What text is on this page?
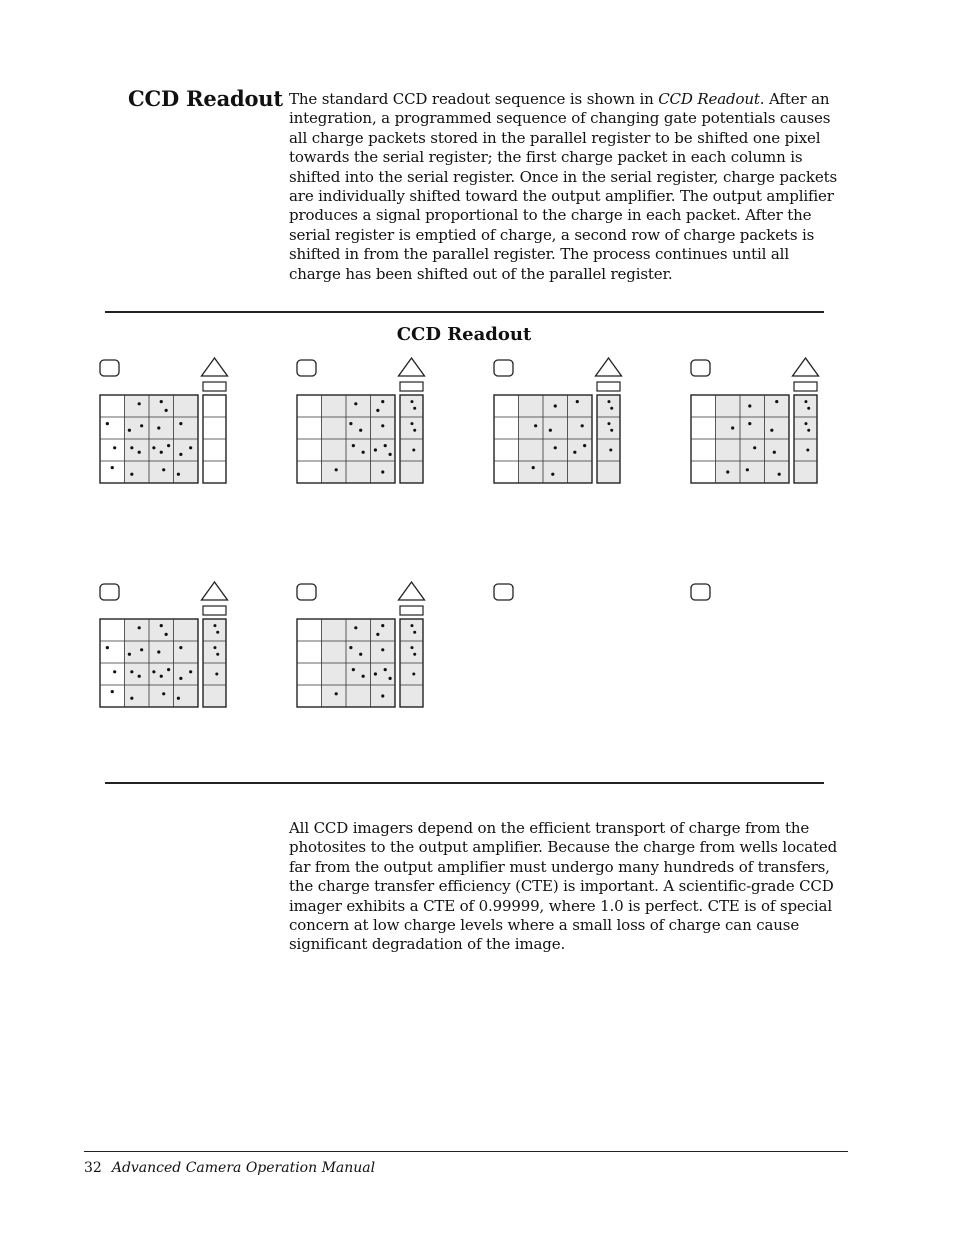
CCD Readout The standard CCD readout sequence is shown in CCD Readout. After an integration, a programmed sequence of changing gate potentials causes all charge packets stored in the parallel register to be shifted one pixel towards the serial register; the first charge packet in each column is shifted into the serial register. Once in the serial register, charge packets are individually shifted toward the output amplifier. The output amplifier produces a signal proportional to the charge in each packet. After the serial register is emptied of charge, a second row of charge packets is shifted in from the parallel register. The process continues until all charge has been shifted out of the parallel register.

CCD Readout

All CCD imagers depend on the efficient transport of charge from the photosites to the output amplifier. Because the charge from wells located far from the output amplifier must undergo many hundreds of transfers, the charge transfer efficiency (CTE) is important. A scientific-grade CCD imager exhibits a CTE of 0.99999, where 1.0 is perfect. CTE is of special concern at low charge levels where a small loss of charge can cause significant degradation of the image.

32 Advanced Camera Operation Manual
